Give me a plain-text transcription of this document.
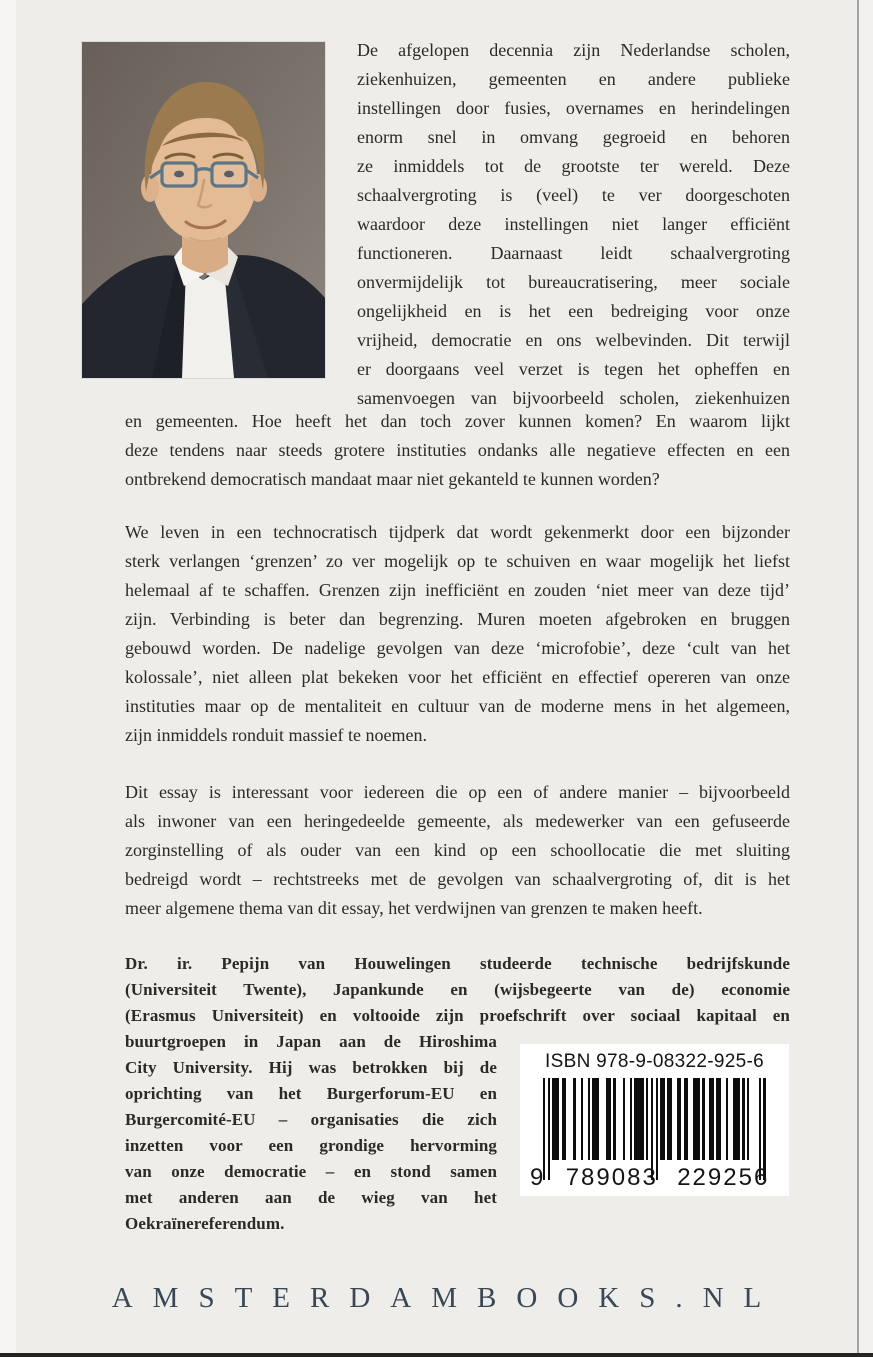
De afgelopen decennia zijn Nederlandse scholen,
ziekenhuizen, gemeenten en andere publieke
instellingen door fusies, overnames en herindelingen
enorm snel in omvang gegroeid en behoren
ze inmiddels tot de grootste ter wereld. Deze
schaalvergroting is (veel) te ver doorgeschoten
waardoor deze instellingen niet langer efficiënt
functioneren. Daarnaast leidt schaalvergroting
onvermijdelijk tot bureaucratisering, meer sociale
ongelijkheid en is het een bedreiging voor onze
vrijheid, democratie en ons welbevinden. Dit terwijl
er doorgaans veel verzet is tegen het opheffen en
samenvoegen van bijvoorbeeld scholen, ziekenhuizen
en gemeenten. Hoe heeft het dan toch zover kunnen komen? En waarom lijkt
deze tendens naar steeds grotere instituties ondanks alle negatieve effecten en een
ontbrekend democratisch mandaat maar niet gekanteld te kunnen worden?
We leven in een technocratisch tijdperk dat wordt gekenmerkt door een bijzonder
sterk verlangen ‘grenzen’ zo ver mogelijk op te schuiven en waar mogelijk het liefst
helemaal af te schaffen. Grenzen zijn inefficiënt en zouden ‘niet meer van deze tijd’
zijn. Verbinding is beter dan begrenzing. Muren moeten afgebroken en bruggen
gebouwd worden. De nadelige gevolgen van deze ‘microfobie’, deze ‘cult van het
kolossale’, niet alleen plat bekeken voor het efficiënt en effectief opereren van onze
instituties maar op de mentaliteit en cultuur van de moderne mens in het algemeen,
zijn inmiddels ronduit massief te noemen.
Dit essay is interessant voor iedereen die op een of andere manier – bijvoorbeeld
als inwoner van een heringedeelde gemeente, als medewerker van een gefuseerde
zorginstelling of als ouder van een kind op een schoollocatie die met sluiting
bedreigd wordt – rechtstreeks met de gevolgen van schaalvergroting of, dit is het
meer algemene thema van dit essay, het verdwijnen van grenzen te maken heeft.
Dr. ir. Pepijn van Houwelingen studeerde technische bedrijfskunde
(Universiteit Twente), Japankunde en (wijsbegeerte van de) economie
(Erasmus Universiteit) en voltooide zijn proefschrift over sociaal kapitaal en
buurtgroepen in Japan aan de Hiroshima
City University. Hij was betrokken bij de
oprichting van het Burgerforum-EU en
Burgercomité-EU – organisaties die zich
inzetten voor een grondige hervorming
van onze democratie – en stond samen
met anderen aan de wieg van het
Oekraïnereferendum.
ISBN 978-9-08322-925-6
9 789083 229256
AMSTERDAMBOOKS.NL
